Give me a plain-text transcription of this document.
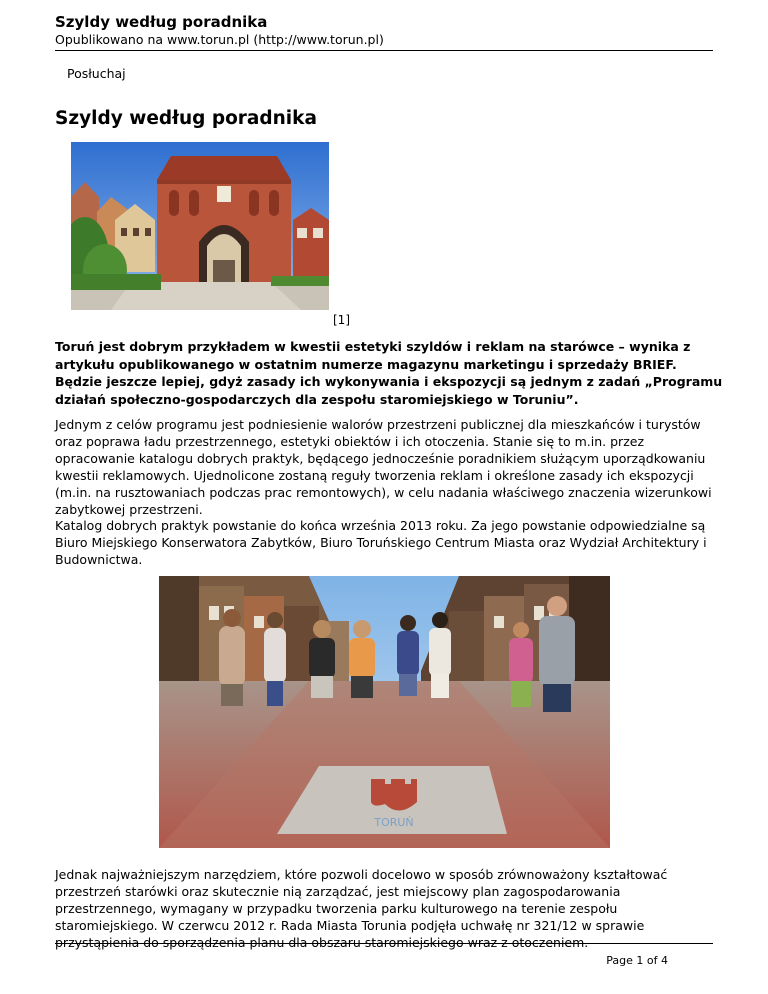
Szyldy według poradnika
Opublikowano na www.torun.pl (http://www.torun.pl)
Posłuchaj
Szyldy według poradnika
[1]

Toruń jest dobrym przykładem w kwestii estetyki szyldów i reklam na starówce – wynika z artykułu opublikowanego w ostatnim numerze magazynu marketingu i sprzedaży BRIEF. Będzie jeszcze lepiej, gdyż zasady ich wykonywania i ekspozycji są jednym z zadań „Programu działań społeczno-gospodarczych dla zespołu staromiejskiego w Toruniu”.

Jednym z celów programu jest podniesienie walorów przestrzeni publicznej dla mieszkańców i turystów oraz poprawa ładu przestrzennego, estetyki obiektów i ich otoczenia. Stanie się to m.in. przez opracowanie katalogu dobrych praktyk, będącego jednocześnie poradnikiem służącym uporządkowaniu kwestii reklamowych. Ujednolicone zostaną reguły tworzenia reklam i określone zasady ich ekspozycji (m.in. na rusztowaniach podczas prac remontowych), w celu nadania właściwego znaczenia wizerunkowi zabytkowej przestrzeni.

Katalog dobrych praktyk powstanie do końca września 2013 roku. Za jego powstanie odpowiedzialne są Biuro Miejskiego Konserwatora Zabytków, Biuro Toruńskiego Centrum Miasta oraz Wydział Architektury i Budownictwa.

TORUŃ

Jednak najważniejszym narzędziem, które pozwoli docelowo w sposób zrównoważony kształtować przestrzeń starówki oraz skutecznie nią zarządzać, jest miejscowy plan zagospodarowania przestrzennego, wymagany w przypadku tworzenia parku kulturowego na terenie zespołu staromiejskiego. W czerwcu 2012 r. Rada Miasta Torunia podjęła uchwałę nr 321/12 w sprawie przystąpienia do sporządzenia planu dla obszaru staromiejskiego wraz z otoczeniem.

Page 1 of 4
